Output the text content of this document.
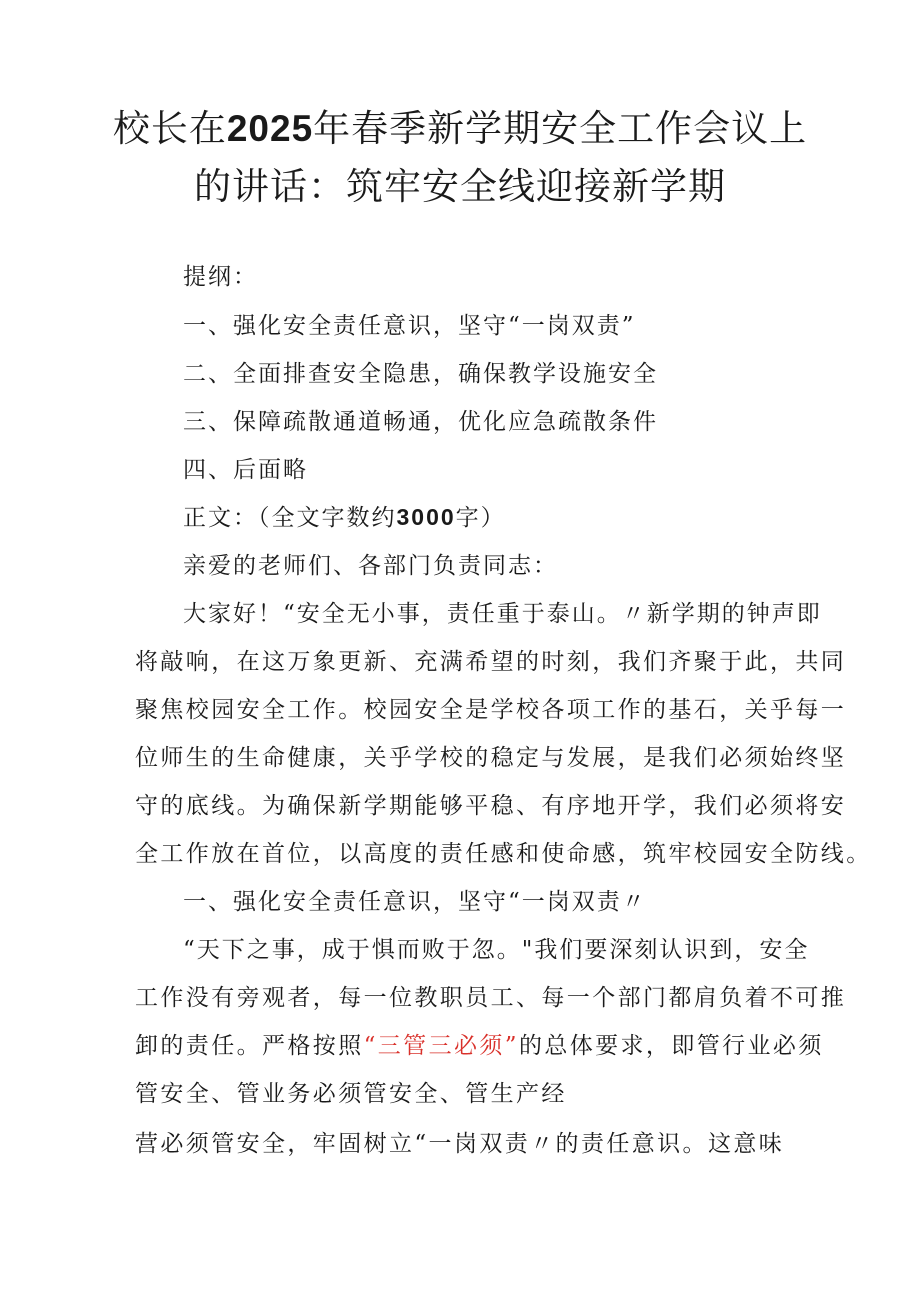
校长在2025年春季新学期安全工作会议上
的讲话：筑牢安全线迎接新学期
提纲：
一、强化安全责任意识，坚守“一岗双责”
二、全面排查安全隐患，确保教学设施安全
三、保障疏散通道畅通，优化应急疏散条件
四、后面略
正文：（全文字数约3000字）
亲爱的老师们、各部门负责同志：
大家好！“安全无小事，责任重于泰山。〃新学期的钟声即
将敲响，在这万象更新、充满希望的时刻，我们齐聚于此，共同
聚焦校园安全工作。校园安全是学校各项工作的基石，关乎每一
位师生的生命健康，关乎学校的稳定与发展，是我们必须始终坚
守的底线。为确保新学期能够平稳、有序地开学，我们必须将安
全工作放在首位，以高度的责任感和使命感，筑牢校园安全防线。
一、强化安全责任意识，坚守“一岗双责〃
“天下之事，成于惧而败于忽。"我们要深刻认识到，安全
工作没有旁观者，每一位教职员工、每一个部门都肩负着不可推
卸的责任。严格按照“三管三必须”的总体要求，即管行业必须
管安全、管业务必须管安全、管生产经
营必须管安全，牢固树立“一岗双责〃的责任意识。这意味
